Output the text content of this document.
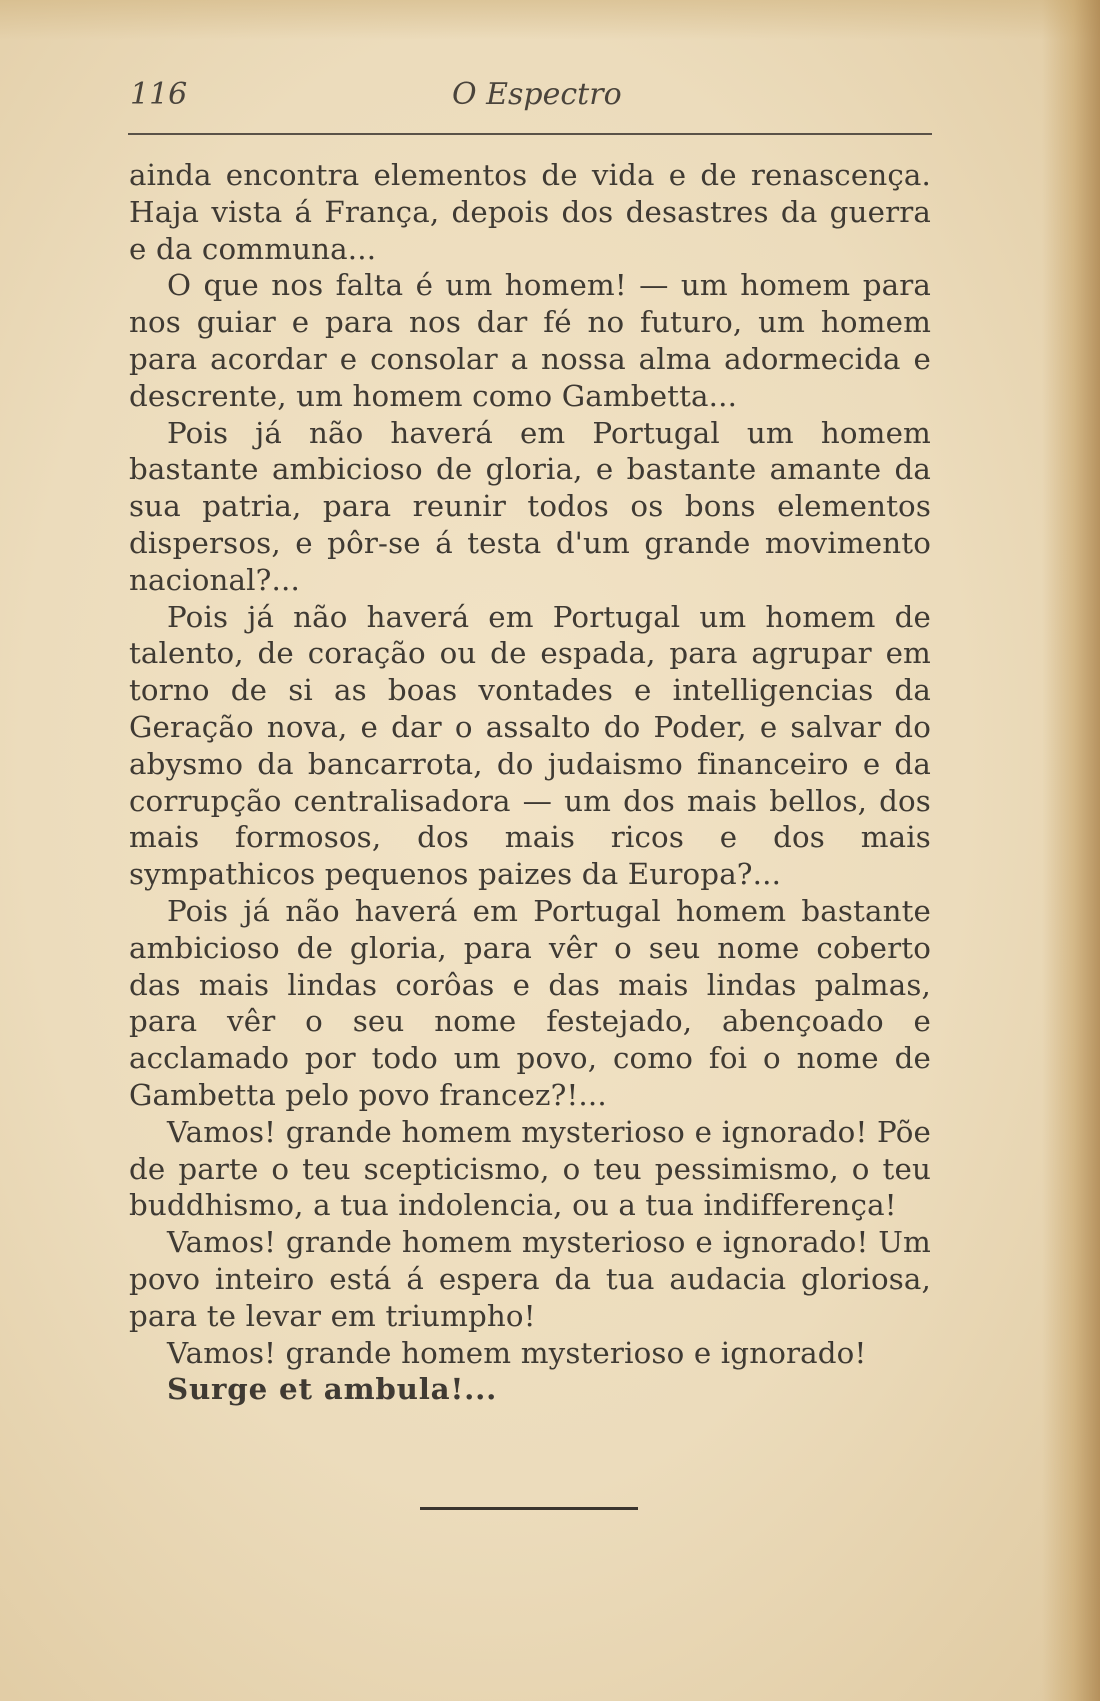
116	O Espectro

ainda encontra elementos de vida e de renascença. Haja vista á França, depois dos desastres da guerra e da communa...

O que nos falta é um homem! — um homem para nos guiar e para nos dar fé no futuro, um homem para acordar e consolar a nossa alma adormecida e descrente, um homem como Gambetta...

Pois já não haverá em Portugal um homem bastante ambicioso de gloria, e bastante amante da sua patria, para reunir todos os bons elementos dispersos, e pôr-se á testa d'um grande movimento nacional?...

Pois já não haverá em Portugal um homem de talento, de coração ou de espada, para agrupar em torno de si as boas vontades e intelligencias da Geração nova, e dar o assalto do Poder, e salvar do abysmo da bancarrota, do judaismo financeiro e da corrupção centralisadora — um dos mais bellos, dos mais formosos, dos mais ricos e dos mais sympathicos pequenos paizes da Europa?...

Pois já não haverá em Portugal homem bastante ambicioso de gloria, para vêr o seu nome coberto das mais lindas corôas e das mais lindas palmas, para vêr o seu nome festejado, abençoado e acclamado por todo um povo, como foi o nome de Gambetta pelo povo francez?!...

Vamos! grande homem mysterioso e ignorado! Põe de parte o teu scepticismo, o teu pessimismo, o teu buddhismo, a tua indolencia, ou a tua indifferença!

Vamos! grande homem mysterioso e ignorado! Um povo inteiro está á espera da tua audacia gloriosa, para te levar em triumpho!

Vamos! grande homem mysterioso e ignorado!

Surge et ambula!...
